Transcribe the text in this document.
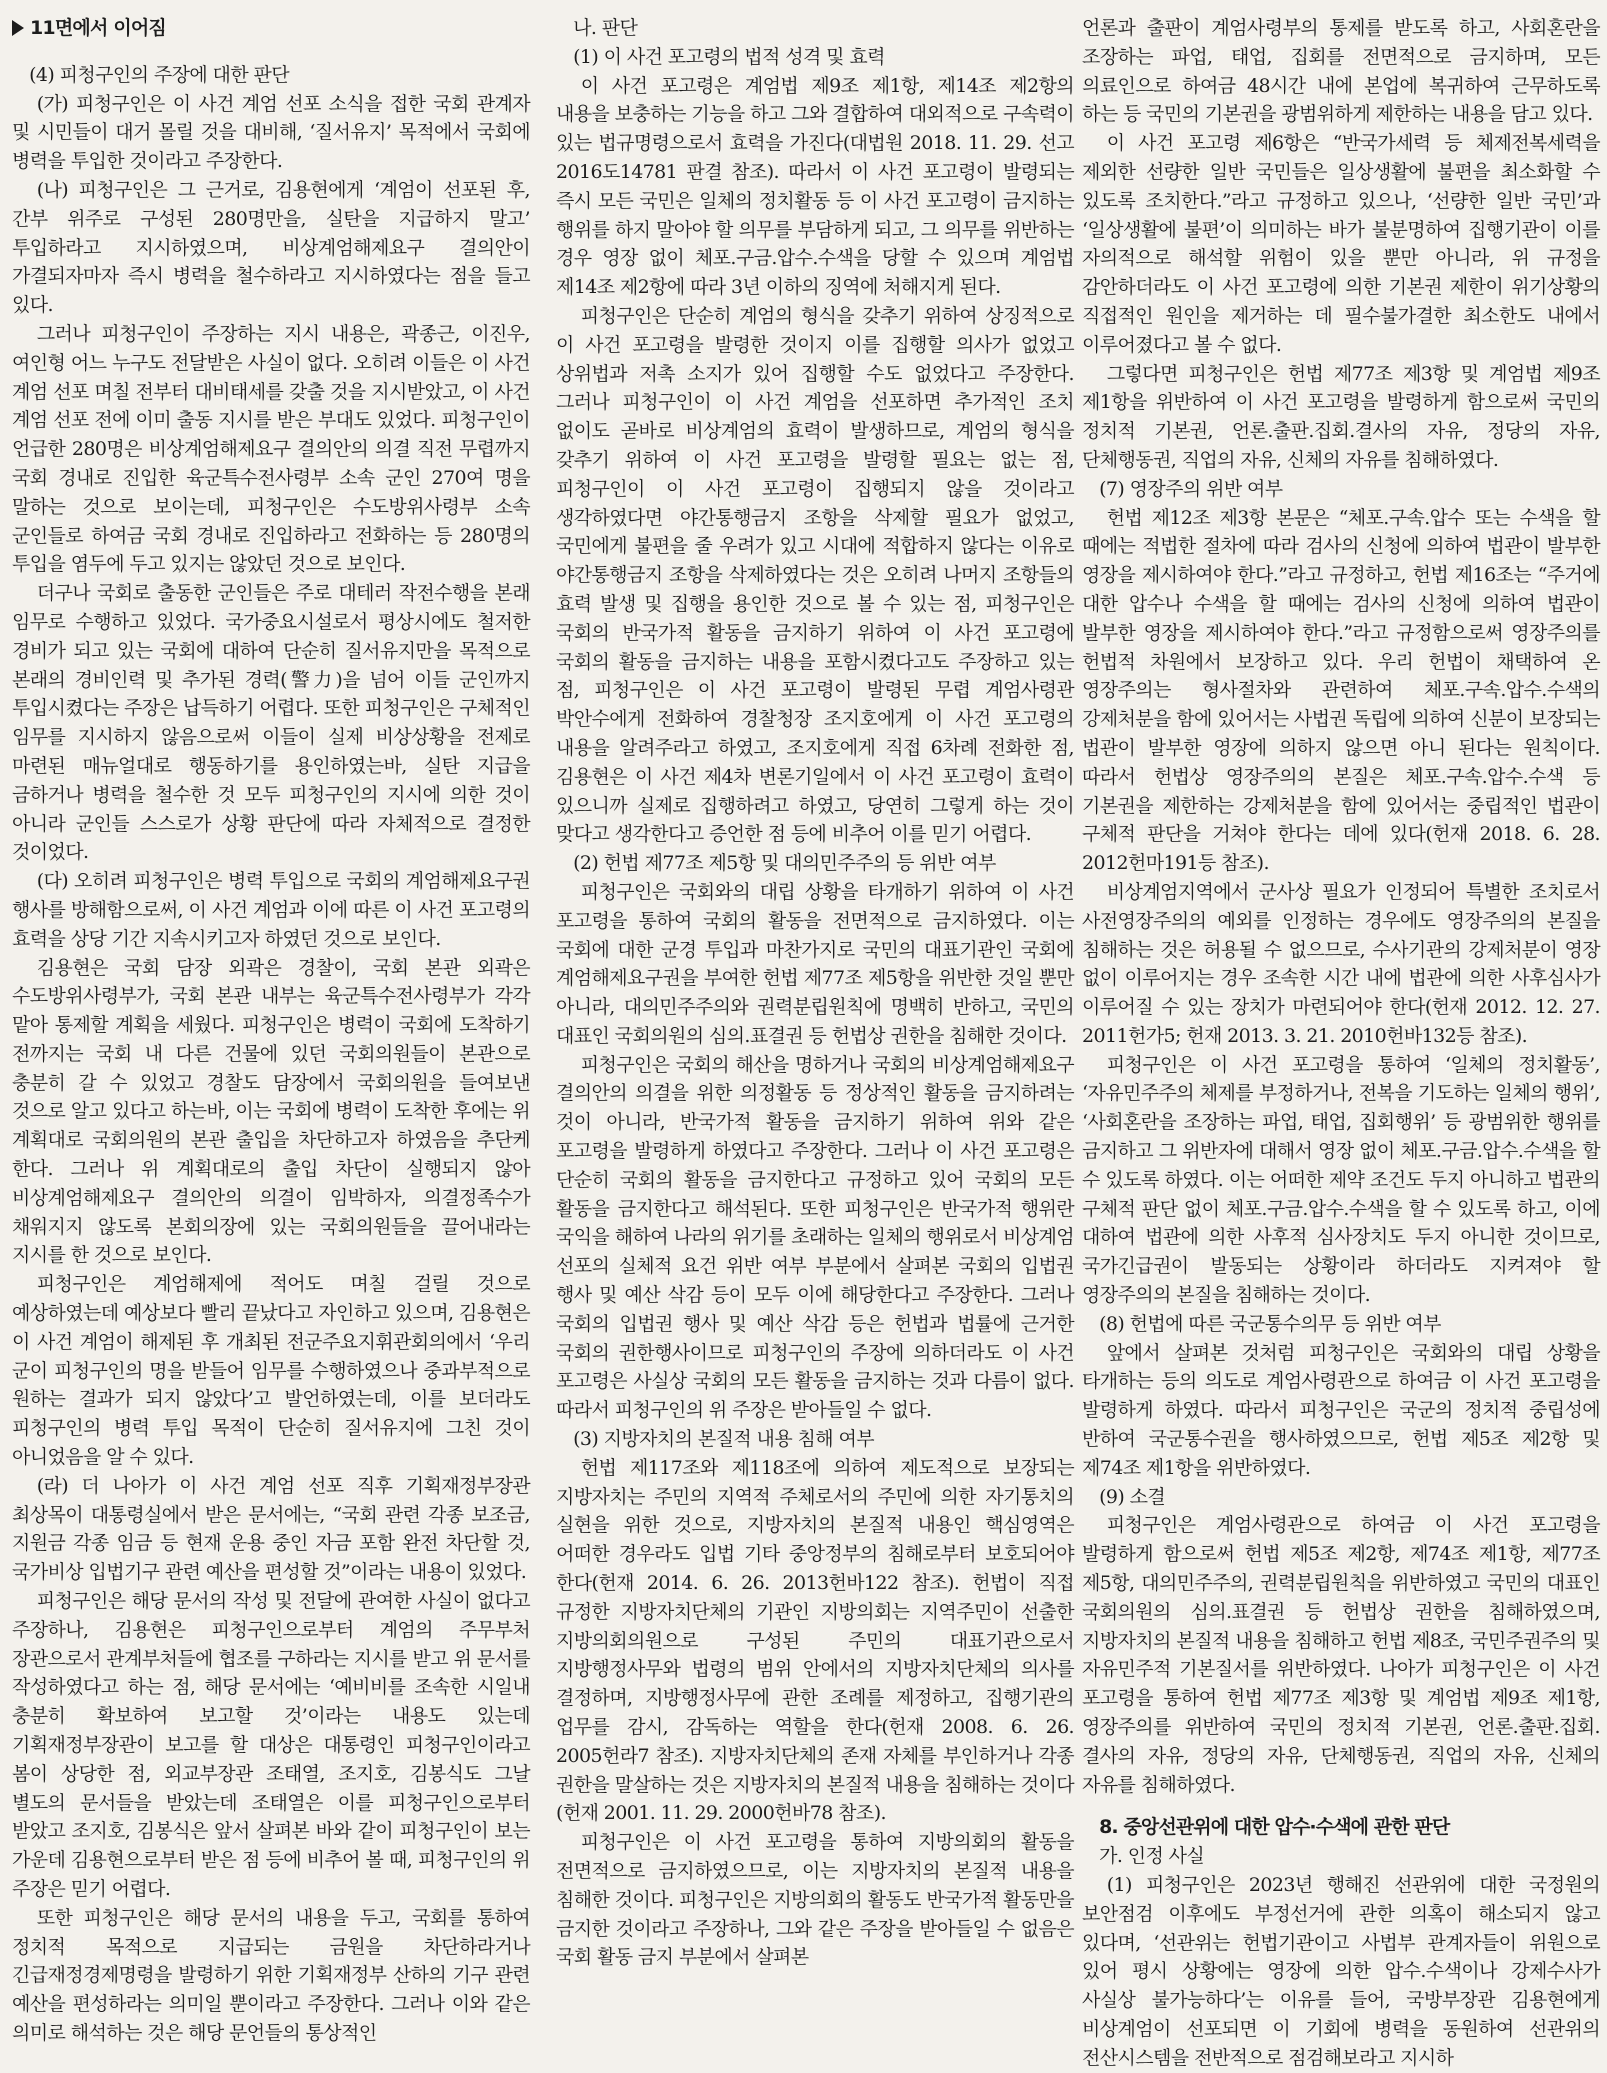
11면에서 이어짐

(4) 피청구인의 주장에 대한 판단

(가) 피청구인은 이 사건 계엄 선포 소식을 접한 국회 관계자 및 시민들이 대거 몰릴 것을 대비해, ‘질서유지’ 목적에서 국회에 병력을 투입한 것이라고 주장한다.

(나) 피청구인은 그 근거로, 김용현에게 ‘계엄이 선포된 후, 간부 위주로 구성된 280명만을, 실탄을 지급하지 말고’ 투입하라고 지시하였으며, 비상계엄해제요구 결의안이 가결되자마자 즉시 병력을 철수하라고 지시하였다는 점을 들고 있다.

그러나 피청구인이 주장하는 지시 내용은, 곽종근, 이진우, 여인형 어느 누구도 전달받은 사실이 없다. 오히려 이들은 이 사건 계엄 선포 며칠 전부터 대비태세를 갖출 것을 지시받았고, 이 사건 계엄 선포 전에 이미 출동 지시를 받은 부대도 있었다. 피청구인이 언급한 280명은 비상계엄해제요구 결의안의 의결 직전 무렵까지 국회 경내로 진입한 육군특수전사령부 소속 군인 270여 명을 말하는 것으로 보이는데, 피청구인은 수도방위사령부 소속 군인들로 하여금 국회 경내로 진입하라고 전화하는 등 280명의 투입을 염두에 두고 있지는 않았던 것으로 보인다.

더구나 국회로 출동한 군인들은 주로 대테러 작전수행을 본래 임무로 수행하고 있었다. 국가중요시설로서 평상시에도 철저한 경비가 되고 있는 국회에 대하여 단순히 질서유지만을 목적으로 본래의 경비인력 및 추가된 경력(警力)을 넘어 이들 군인까지 투입시켰다는 주장은 납득하기 어렵다. 또한 피청구인은 구체적인 임무를 지시하지 않음으로써 이들이 실제 비상상황을 전제로 마련된 매뉴얼대로 행동하기를 용인하였는바, 실탄 지급을 금하거나 병력을 철수한 것 모두 피청구인의 지시에 의한 것이 아니라 군인들 스스로가 상황 판단에 따라 자체적으로 결정한 것이었다.

(다) 오히려 피청구인은 병력 투입으로 국회의 계엄해제요구권 행사를 방해함으로써, 이 사건 계엄과 이에 따른 이 사건 포고령의 효력을 상당 기간 지속시키고자 하였던 것으로 보인다.

김용현은 국회 담장 외곽은 경찰이, 국회 본관 외곽은 수도방위사령부가, 국회 본관 내부는 육군특수전사령부가 각각 맡아 통제할 계획을 세웠다. 피청구인은 병력이 국회에 도착하기 전까지는 국회 내 다른 건물에 있던 국회의원들이 본관으로 충분히 갈 수 있었고 경찰도 담장에서 국회의원을 들여보낸 것으로 알고 있다고 하는바, 이는 국회에 병력이 도착한 후에는 위 계획대로 국회의원의 본관 출입을 차단하고자 하였음을 추단케 한다. 그러나 위 계획대로의 출입 차단이 실행되지 않아 비상계엄해제요구 결의안의 의결이 임박하자, 의결정족수가 채워지지 않도록 본회의장에 있는 국회의원들을 끌어내라는 지시를 한 것으로 보인다.

피청구인은 계엄해제에 적어도 며칠 걸릴 것으로 예상하였는데 예상보다 빨리 끝났다고 자인하고 있으며, 김용현은 이 사건 계엄이 해제된 후 개최된 전군주요지휘관회의에서 ‘우리 군이 피청구인의 명을 받들어 임무를 수행하였으나 중과부적으로 원하는 결과가 되지 않았다’고 발언하였는데, 이를 보더라도 피청구인의 병력 투입 목적이 단순히 질서유지에 그친 것이 아니었음을 알 수 있다.

(라) 더 나아가 이 사건 계엄 선포 직후 기획재정부장관 최상목이 대통령실에서 받은 문서에는, “국회 관련 각종 보조금, 지원금 각종 임금 등 현재 운용 중인 자금 포함 완전 차단할 것, 국가비상 입법기구 관련 예산을 편성할 것”이라는 내용이 있었다.

피청구인은 해당 문서의 작성 및 전달에 관여한 사실이 없다고 주장하나, 김용현은 피청구인으로부터 계엄의 주무부처 장관으로서 관계부처들에 협조를 구하라는 지시를 받고 위 문서를 작성하였다고 하는 점, 해당 문서에는 ‘예비비를 조속한 시일내 충분히 확보하여 보고할 것’이라는 내용도 있는데 기획재정부장관이 보고를 할 대상은 대통령인 피청구인이라고 봄이 상당한 점, 외교부장관 조태열, 조지호, 김봉식도 그날 별도의 문서들을 받았는데 조태열은 이를 피청구인으로부터 받았고 조지호, 김봉식은 앞서 살펴본 바와 같이 피청구인이 보는 가운데 김용현으로부터 받은 점 등에 비추어 볼 때, 피청구인의 위 주장은 믿기 어렵다.

또한 피청구인은 해당 문서의 내용을 두고, 국회를 통하여 정치적 목적으로 지급되는 금원을 차단하라거나 긴급재정경제명령을 발령하기 위한 기획재정부 산하의 기구 관련 예산을 편성하라는 의미일 뿐이라고 주장한다. 그러나 이와 같은 의미로 해석하는 것은 해당 문언들의 통상적인

나. 판단

(1) 이 사건 포고령의 법적 성격 및 효력

이 사건 포고령은 계엄법 제9조 제1항, 제14조 제2항의 내용을 보충하는 기능을 하고 그와 결합하여 대외적으로 구속력이 있는 법규명령으로서 효력을 가진다(대법원 2018. 11. 29. 선고 2016도14781 판결 참조). 따라서 이 사건 포고령이 발령되는 즉시 모든 국민은 일체의 정치활동 등 이 사건 포고령이 금지하는 행위를 하지 말아야 할 의무를 부담하게 되고, 그 의무를 위반하는 경우 영장 없이 체포.구금.압수.수색을 당할 수 있으며 계엄법 제14조 제2항에 따라 3년 이하의 징역에 처해지게 된다.

피청구인은 단순히 계엄의 형식을 갖추기 위하여 상징적으로 이 사건 포고령을 발령한 것이지 이를 집행할 의사가 없었고 상위법과 저촉 소지가 있어 집행할 수도 없었다고 주장한다. 그러나 피청구인이 이 사건 계엄을 선포하면 추가적인 조치 없이도 곧바로 비상계엄의 효력이 발생하므로, 계엄의 형식을 갖추기 위하여 이 사건 포고령을 발령할 필요는 없는 점, 피청구인이 이 사건 포고령이 집행되지 않을 것이라고 생각하였다면 야간통행금지 조항을 삭제할 필요가 없었고, 국민에게 불편을 줄 우려가 있고 시대에 적합하지 않다는 이유로 야간통행금지 조항을 삭제하였다는 것은 오히려 나머지 조항들의 효력 발생 및 집행을 용인한 것으로 볼 수 있는 점, 피청구인은 국회의 반국가적 활동을 금지하기 위하여 이 사건 포고령에 국회의 활동을 금지하는 내용을 포함시켰다고도 주장하고 있는 점, 피청구인은 이 사건 포고령이 발령된 무렵 계엄사령관 박안수에게 전화하여 경찰청장 조지호에게 이 사건 포고령의 내용을 알려주라고 하였고, 조지호에게 직접 6차례 전화한 점, 김용현은 이 사건 제4차 변론기일에서 이 사건 포고령이 효력이 있으니까 실제로 집행하려고 하였고, 당연히 그렇게 하는 것이 맞다고 생각한다고 증언한 점 등에 비추어 이를 믿기 어렵다.

(2) 헌법 제77조 제5항 및 대의민주주의 등 위반 여부

피청구인은 국회와의 대립 상황을 타개하기 위하여 이 사건 포고령을 통하여 국회의 활동을 전면적으로 금지하였다. 이는 국회에 대한 군경 투입과 마찬가지로 국민의 대표기관인 국회에 계엄해제요구권을 부여한 헌법 제77조 제5항을 위반한 것일 뿐만 아니라, 대의민주주의와 권력분립원칙에 명백히 반하고, 국민의 대표인 국회의원의 심의.표결권 등 헌법상 권한을 침해한 것이다.

피청구인은 국회의 해산을 명하거나 국회의 비상계엄해제요구 결의안의 의결을 위한 의정활동 등 정상적인 활동을 금지하려는 것이 아니라, 반국가적 활동을 금지하기 위하여 위와 같은 포고령을 발령하게 하였다고 주장한다. 그러나 이 사건 포고령은 단순히 국회의 활동을 금지한다고 규정하고 있어 국회의 모든 활동을 금지한다고 해석된다. 또한 피청구인은 반국가적 행위란 국익을 해하여 나라의 위기를 초래하는 일체의 행위로서 비상계엄 선포의 실체적 요건 위반 여부 부분에서 살펴본 국회의 입법권 행사 및 예산 삭감 등이 모두 이에 해당한다고 주장한다. 그러나 국회의 입법권 행사 및 예산 삭감 등은 헌법과 법률에 근거한 국회의 권한행사이므로 피청구인의 주장에 의하더라도 이 사건 포고령은 사실상 국회의 모든 활동을 금지하는 것과 다름이 없다. 따라서 피청구인의 위 주장은 받아들일 수 없다.

(3) 지방자치의 본질적 내용 침해 여부

헌법 제117조와 제118조에 의하여 제도적으로 보장되는 지방자치는 주민의 지역적 주체로서의 주민에 의한 자기통치의 실현을 위한 것으로, 지방자치의 본질적 내용인 핵심영역은 어떠한 경우라도 입법 기타 중앙정부의 침해로부터 보호되어야 한다(헌재 2014. 6. 26. 2013헌바122 참조). 헌법이 직접 규정한 지방자치단체의 기관인 지방의회는 지역주민이 선출한 지방의회의원으로 구성된 주민의 대표기관으로서 지방행정사무와 법령의 범위 안에서의 지방자치단체의 의사를 결정하며, 지방행정사무에 관한 조례를 제정하고, 집행기관의 업무를 감시, 감독하는 역할을 한다(헌재 2008. 6. 26. 2005헌라7 참조). 지방자치단체의 존재 자체를 부인하거나 각종 권한을 말살하는 것은 지방자치의 본질적 내용을 침해하는 것이다(헌재 2001. 11. 29. 2000헌바78 참조).

피청구인은 이 사건 포고령을 통하여 지방의회의 활동을 전면적으로 금지하였으므로, 이는 지방자치의 본질적 내용을 침해한 것이다. 피청구인은 지방의회의 활동도 반국가적 활동만을 금지한 것이라고 주장하나, 그와 같은 주장을 받아들일 수 없음은 국회 활동 금지 부분에서 살펴본

언론과 출판이 계엄사령부의 통제를 받도록 하고, 사회혼란을 조장하는 파업, 태업, 집회를 전면적으로 금지하며, 모든 의료인으로 하여금 48시간 내에 본업에 복귀하여 근무하도록 하는 등 국민의 기본권을 광범위하게 제한하는 내용을 담고 있다.

이 사건 포고령 제6항은 “반국가세력 등 체제전복세력을 제외한 선량한 일반 국민들은 일상생활에 불편을 최소화할 수 있도록 조치한다.”라고 규정하고 있으나, ‘선량한 일반 국민’과 ‘일상생활에 불편’이 의미하는 바가 불분명하여 집행기관이 이를 자의적으로 해석할 위험이 있을 뿐만 아니라, 위 규정을 감안하더라도 이 사건 포고령에 의한 기본권 제한이 위기상황의 직접적인 원인을 제거하는 데 필수불가결한 최소한도 내에서 이루어졌다고 볼 수 없다.

그렇다면 피청구인은 헌법 제77조 제3항 및 계엄법 제9조 제1항을 위반하여 이 사건 포고령을 발령하게 함으로써 국민의 정치적 기본권, 언론.출판.집회.결사의 자유, 정당의 자유, 단체행동권, 직업의 자유, 신체의 자유를 침해하였다.

(7) 영장주의 위반 여부

헌법 제12조 제3항 본문은 “체포.구속.압수 또는 수색을 할 때에는 적법한 절차에 따라 검사의 신청에 의하여 법관이 발부한 영장을 제시하여야 한다.”라고 규정하고, 헌법 제16조는 “주거에 대한 압수나 수색을 할 때에는 검사의 신청에 의하여 법관이 발부한 영장을 제시하여야 한다.”라고 규정함으로써 영장주의를 헌법적 차원에서 보장하고 있다. 우리 헌법이 채택하여 온 영장주의는 형사절차와 관련하여 체포.구속.압수.수색의 강제처분을 함에 있어서는 사법권 독립에 의하여 신분이 보장되는 법관이 발부한 영장에 의하지 않으면 아니 된다는 원칙이다. 따라서 헌법상 영장주의의 본질은 체포.구속.압수.수색 등 기본권을 제한하는 강제처분을 함에 있어서는 중립적인 법관이 구체적 판단을 거쳐야 한다는 데에 있다(헌재 2018. 6. 28. 2012헌마191등 참조).

비상계엄지역에서 군사상 필요가 인정되어 특별한 조치로서 사전영장주의의 예외를 인정하는 경우에도 영장주의의 본질을 침해하는 것은 허용될 수 없으므로, 수사기관의 강제처분이 영장 없이 이루어지는 경우 조속한 시간 내에 법관에 의한 사후심사가 이루어질 수 있는 장치가 마련되어야 한다(헌재 2012. 12. 27. 2011헌가5; 헌재 2013. 3. 21. 2010헌바132등 참조).

피청구인은 이 사건 포고령을 통하여 ‘일체의 정치활동’, ‘자유민주주의 체제를 부정하거나, 전복을 기도하는 일체의 행위’, ‘사회혼란을 조장하는 파업, 태업, 집회행위’ 등 광범위한 행위를 금지하고 그 위반자에 대해서 영장 없이 체포.구금.압수.수색을 할 수 있도록 하였다. 이는 어떠한 제약 조건도 두지 아니하고 법관의 구체적 판단 없이 체포.구금.압수.수색을 할 수 있도록 하고, 이에 대하여 법관에 의한 사후적 심사장치도 두지 아니한 것이므로, 국가긴급권이 발동되는 상황이라 하더라도 지켜져야 할 영장주의의 본질을 침해하는 것이다.

(8) 헌법에 따른 국군통수의무 등 위반 여부

앞에서 살펴본 것처럼 피청구인은 국회와의 대립 상황을 타개하는 등의 의도로 계엄사령관으로 하여금 이 사건 포고령을 발령하게 하였다. 따라서 피청구인은 국군의 정치적 중립성에 반하여 국군통수권을 행사하였으므로, 헌법 제5조 제2항 및 제74조 제1항을 위반하였다.

(9) 소결

피청구인은 계엄사령관으로 하여금 이 사건 포고령을 발령하게 함으로써 헌법 제5조 제2항, 제74조 제1항, 제77조 제5항, 대의민주주의, 권력분립원칙을 위반하였고 국민의 대표인 국회의원의 심의.표결권 등 헌법상 권한을 침해하였으며, 지방자치의 본질적 내용을 침해하고 헌법 제8조, 국민주권주의 및 자유민주적 기본질서를 위반하였다. 나아가 피청구인은 이 사건 포고령을 통하여 헌법 제77조 제3항 및 계엄법 제9조 제1항, 영장주의를 위반하여 국민의 정치적 기본권, 언론.출판.집회.결사의 자유, 정당의 자유, 단체행동권, 직업의 자유, 신체의 자유를 침해하였다.

8. 중앙선관위에 대한 압수·수색에 관한 판단

가. 인정 사실

(1) 피청구인은 2023년 행해진 선관위에 대한 국정원의 보안점검 이후에도 부정선거에 관한 의혹이 해소되지 않고 있다며, ‘선관위는 헌법기관이고 사법부 관계자들이 위원으로 있어 평시 상황에는 영장에 의한 압수.수색이나 강제수사가 사실상 불가능하다’는 이유를 들어, 국방부장관 김용현에게 비상계엄이 선포되면 이 기회에 병력을 동원하여 선관위의 전산시스템을 전반적으로 점검해보라고 지시하
